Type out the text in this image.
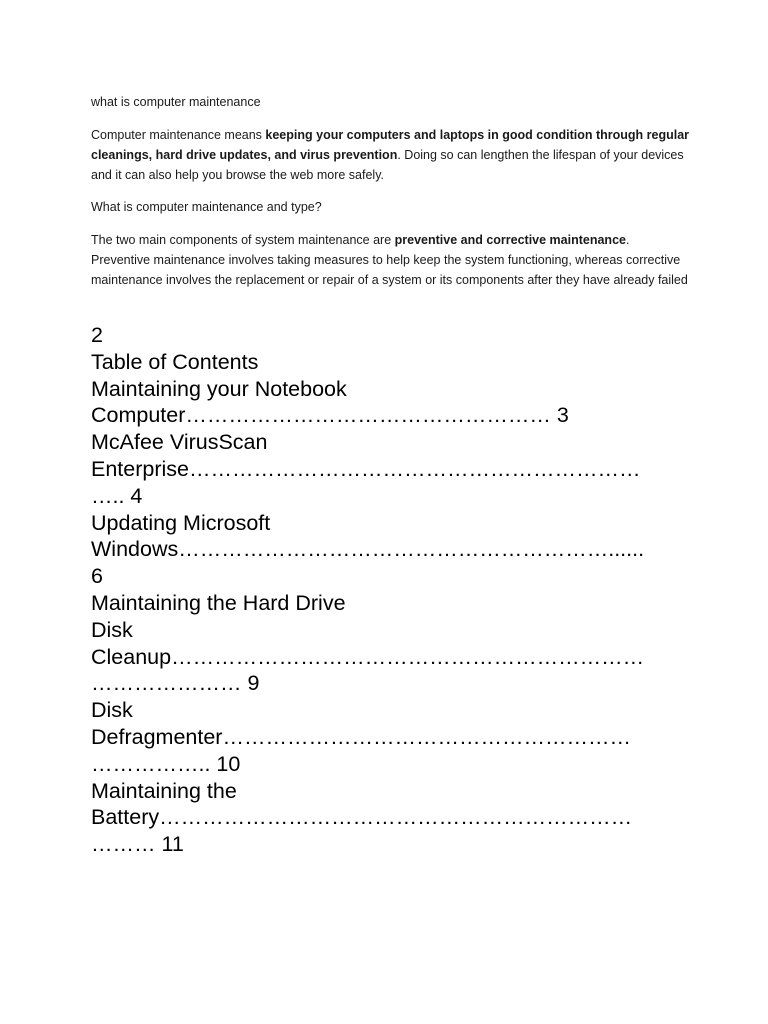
what is computer maintenance

Computer maintenance means keeping your computers and laptops in good condition through regular cleanings, hard drive updates, and virus prevention. Doing so can lengthen the lifespan of your devices and it can also help you browse the web more safely.

What is computer maintenance and type?

The two main components of system maintenance are preventive and corrective maintenance. Preventive maintenance involves taking measures to help keep the system functioning, whereas corrective maintenance involves the replacement or repair of a system or its components after they have already failed

2
Table of Contents
Maintaining your Notebook
Computer…………………………………………… 3
McAfee VirusScan
Enterprise………………………………………………………
….. 4
Updating Microsoft
Windows……………………………………………………......
6
Maintaining the Hard Drive
Disk
Cleanup…………………………………………………………
………………… 9
Disk
Defragmenter…………………………………………………
…………….. 10
Maintaining the
Battery…………………………………………………………
……… 11
